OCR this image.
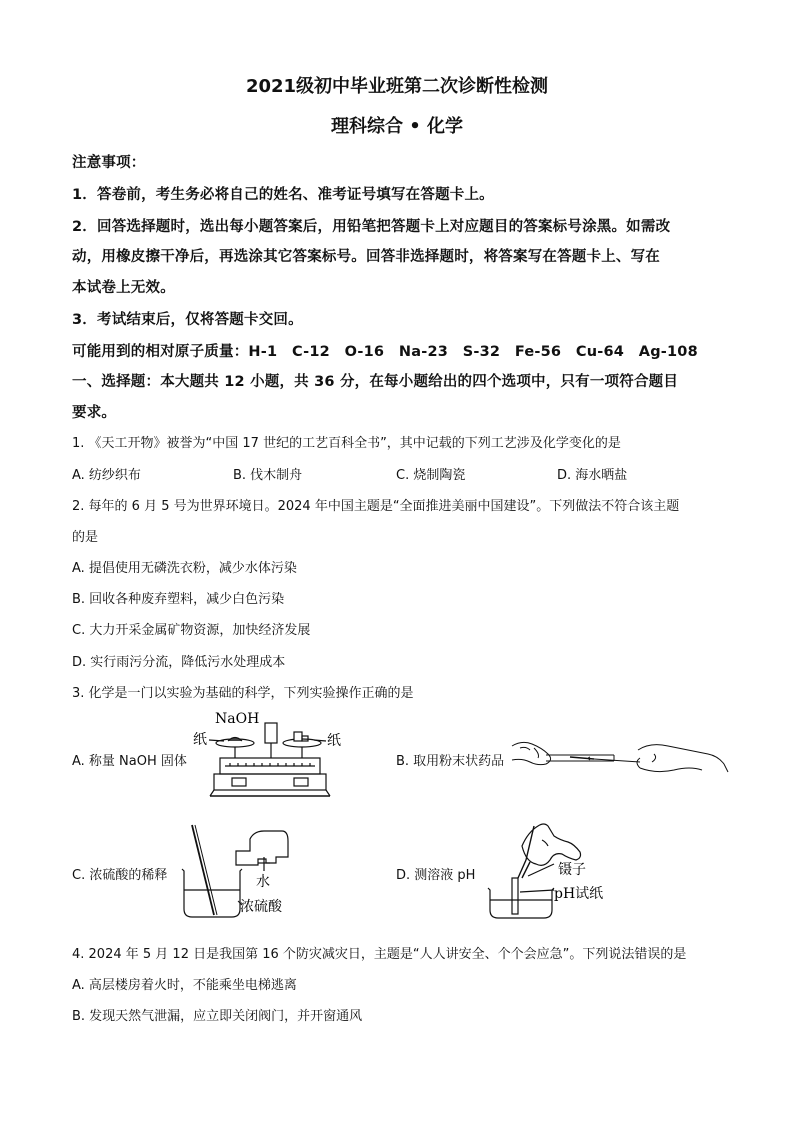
2021级初中毕业班第二次诊断性检测
理科综合 • 化学
注意事项：
1．答卷前，考生务必将自己的姓名、准考证号填写在答题卡上。
2．回答选择题时，选出每小题答案后，用铅笔把答题卡上对应题目的答案标号涂黑。如需改
动，用橡皮擦干净后，再选涂其它答案标号。回答非选择题时，将答案写在答题卡上、写在
本试卷上无效。
3．考试结束后，仅将答题卡交回。
可能用到的相对原子质量：H-1　C-12　O-16　Na-23　S-32　Fe-56　Cu-64　Ag-108
一、选择题：本大题共 12 小题，共 36 分，在每小题给出的四个选项中，只有一项符合题目
要求。
1. 《天工开物》被誉为“中国 17 世纪的工艺百科全书”，其中记载的下列工艺涉及化学变化的是
A. 纺纱织布	B. 伐木制舟	C. 烧制陶瓷	D. 海水晒盐
2. 每年的 6 月 5 号为世界环境日。2024 年中国主题是“全面推进美丽中国建设”。下列做法不符合该主题
的是
A. 提倡使用无磷洗衣粉，减少水体污染
B. 回收各种废弃塑料，减少白色污染
C. 大力开采金属矿物资源，加快经济发展
D. 实行雨污分流，降低污水处理成本
3. 化学是一门以实验为基础的科学，下列实验操作正确的是
A. 称量 NaOH 固体
NaOH
纸	纸
B. 取用粉末状药品
C. 浓硫酸的稀释	水
浓硫酸
D. 测溶液 pH	镊子
pH试纸
4. 2024 年 5 月 12 日是我国第 16 个防灾减灾日，主题是“人人讲安全、个个会应急”。下列说法错误的是
A. 高层楼房着火时，不能乘坐电梯逃离
B. 发现天然气泄漏，应立即关闭阀门，并开窗通风
